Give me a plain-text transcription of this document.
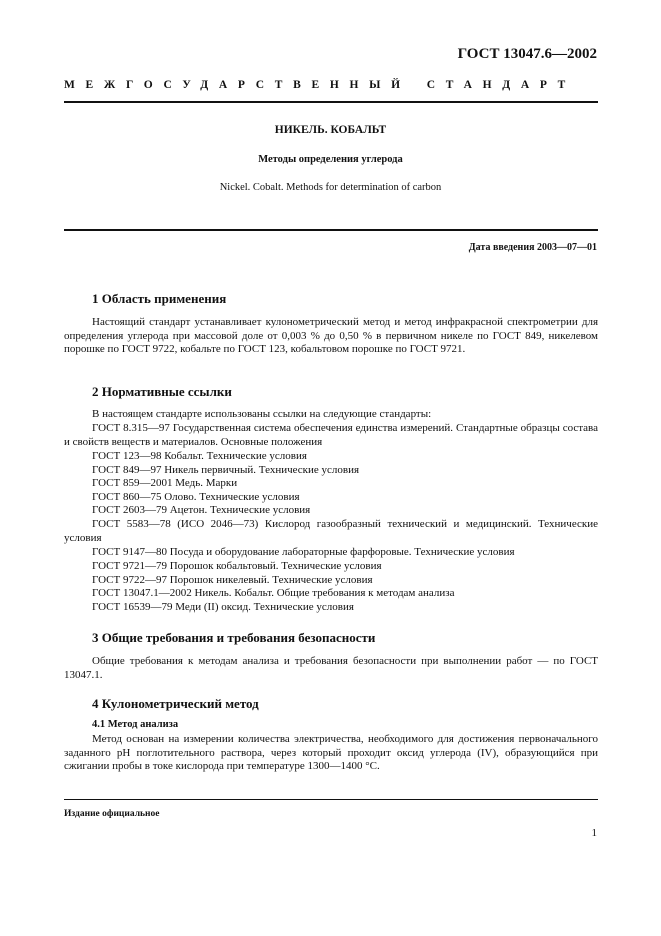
ГОСТ 13047.6—2002
МЕЖГОСУДАРСТВЕННЫЙ СТАНДАРТ
НИКЕЛЬ. КОБАЛЬТ
Методы определения углерода
Nickel. Cobalt. Methods for determination of carbon
Дата введения 2003—07—01
1 Область применения
Настоящий стандарт устанавливает кулонометрический метод и метод инфракрасной спектрометрии для определения углерода при массовой доле от 0,003 % до 0,50 % в первичном никеле по ГОСТ 849, никелевом порошке по ГОСТ 9722, кобальте по ГОСТ 123, кобальтовом порошке по ГОСТ 9721.
2 Нормативные ссылки
В настоящем стандарте использованы ссылки на следующие стандарты:
ГОСТ 8.315—97 Государственная система обеспечения единства измерений. Стандартные образцы состава и свойств веществ и материалов. Основные положения
ГОСТ 123—98 Кобальт. Технические условия
ГОСТ 849—97 Никель первичный. Технические условия
ГОСТ 859—2001 Медь. Марки
ГОСТ 860—75 Олово. Технические условия
ГОСТ 2603—79 Ацетон. Технические условия
ГОСТ 5583—78 (ИСО 2046—73) Кислород газообразный технический и медицинский. Технические условия
ГОСТ 9147—80 Посуда и оборудование лабораторные фарфоровые. Технические условия
ГОСТ 9721—79 Порошок кобальтовый. Технические условия
ГОСТ 9722—97 Порошок никелевый. Технические условия
ГОСТ 13047.1—2002 Никель. Кобальт. Общие требования к методам анализа
ГОСТ 16539—79 Меди (II) оксид. Технические условия
3 Общие требования и требования безопасности
Общие требования к методам анализа и требования безопасности при выполнении работ — по ГОСТ 13047.1.
4 Кулонометрический метод
4.1 Метод анализа
Метод основан на измерении количества электричества, необходимого для достижения первоначального заданного pH поглотительного раствора, через который проходит оксид углерода (IV), образующийся при сжигании пробы в токе кислорода при температуре 1300—1400 °С.
Издание официальное
1
